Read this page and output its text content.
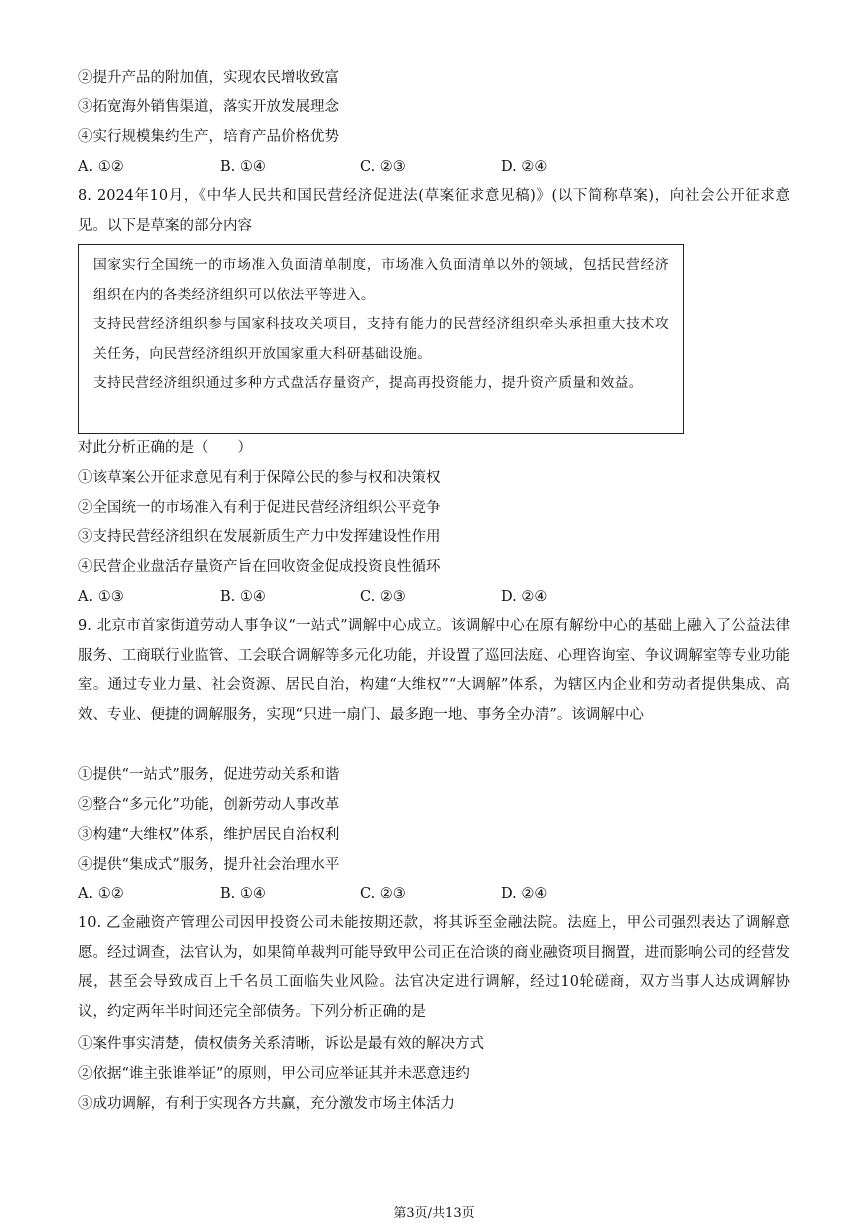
②提升产品的附加值，实现农民增收致富
③拓宽海外销售渠道，落实开放发展理念
④实行规模集约生产，培育产品价格优势
A. ①②	B. ①④	C. ②③	D. ②④
8. 2024年10月，《中华人民共和国民营经济促进法(草案征求意见稿)》(以下简称草案)，向社会公开征求意见。以下是草案的部分内容

国家实行全国统一的市场准入负面清单制度，市场准入负面清单以外的领域，包括民营经济组织在内的各类经济组织可以依法平等进入。

支持民营经济组织参与国家科技攻关项目，支持有能力的民营经济组织牵头承担重大技术攻关任务，向民营经济组织开放国家重大科研基础设施。

支持民营经济组织通过多种方式盘活存量资产，提高再投资能力，提升资产质量和效益。

对此分析正确的是（　　）
①该草案公开征求意见有利于保障公民的参与权和决策权
②全国统一的市场准入有利于促进民营经济组织公平竞争
③支持民营经济组织在发展新质生产力中发挥建设性作用
④民营企业盘活存量资产旨在回收资金促成投资良性循环
A. ①③	B. ①④	C. ②③	D. ②④
9. 北京市首家街道劳动人事争议“一站式”调解中心成立。该调解中心在原有解纷中心的基础上融入了公益法律服务、工商联行业监管、工会联合调解等多元化功能，并设置了巡回法庭、心理咨询室、争议调解室等专业功能室。通过专业力量、社会资源、居民自治，构建“大维权”“大调解”体系，为辖区内企业和劳动者提供集成、高效、专业、便捷的调解服务，实现“只进一扇门、最多跑一地、事务全办清”。该调解中心
①提供“一站式”服务，促进劳动关系和谐
②整合“多元化”功能，创新劳动人事改革
③构建“大维权”体系，维护居民自治权利
④提供“集成式”服务，提升社会治理水平
A. ①②	B. ①④	C. ②③	D. ②④
10. 乙金融资产管理公司因甲投资公司未能按期还款，将其诉至金融法院。法庭上，甲公司强烈表达了调解意愿。经过调查，法官认为，如果简单裁判可能导致甲公司正在洽谈的商业融资项目搁置，进而影响公司的经营发展，甚至会导致成百上千名员工面临失业风险。法官决定进行调解，经过10轮磋商，双方当事人达成调解协议，约定两年半时间还完全部债务。下列分析正确的是
①案件事实清楚，债权债务关系清晰，诉讼是最有效的解决方式
②依据“谁主张谁举证”的原则，甲公司应举证其并未恶意违约
③成功调解，有利于实现各方共赢，充分激发市场主体活力
第3页/共13页
